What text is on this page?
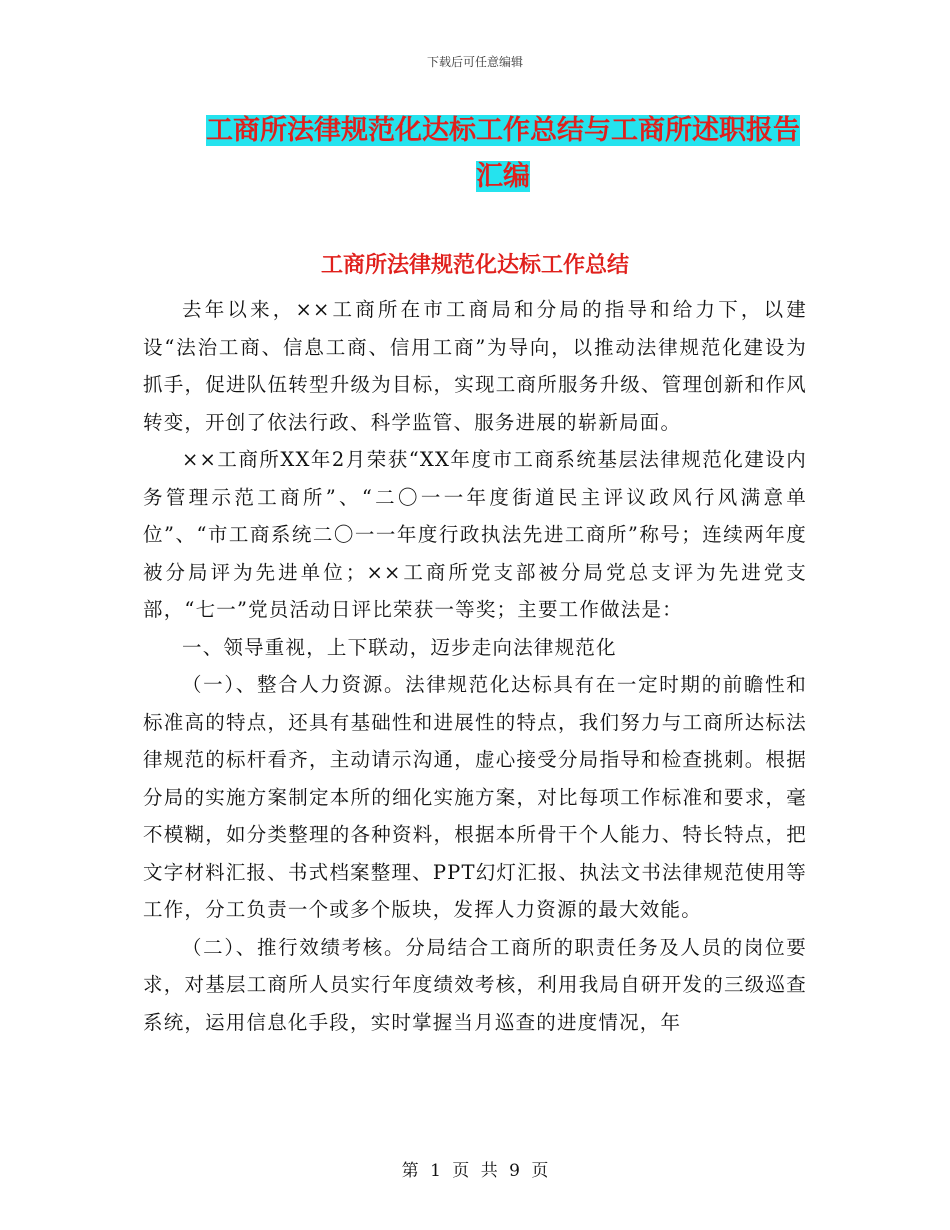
下载后可任意编辑
工商所法律规范化达标工作总结与工商所述职报告汇编
工商所法律规范化达标工作总结

去年以来，××工商所在市工商局和分局的指导和给力下，以建设“法治工商、信息工商、信用工商”为导向，以推动法律规范化建设为抓手，促进队伍转型升级为目标，实现工商所服务升级、管理创新和作风转变，开创了依法行政、科学监管、服务进展的崭新局面。

××工商所XX年2月荣获“XX年度市工商系统基层法律规范化建设内务管理示范工商所”、“二〇一一年度街道民主评议政风行风满意单位”、“市工商系统二〇一一年度行政执法先进工商所”称号；连续两年度被分局评为先进单位；××工商所党支部被分局党总支评为先进党支部，“七一”党员活动日评比荣获一等奖；主要工作做法是：

一、领导重视，上下联动，迈步走向法律规范化

（一）、整合人力资源。法律规范化达标具有在一定时期的前瞻性和标准高的特点，还具有基础性和进展性的特点，我们努力与工商所达标法律规范的标杆看齐，主动请示沟通，虚心接受分局指导和检查挑刺。根据分局的实施方案制定本所的细化实施方案，对比每项工作标准和要求，毫不模糊，如分类整理的各种资料，根据本所骨干个人能力、特长特点，把文字材料汇报、书式档案整理、PPT幻灯汇报、执法文书法律规范使用等工作，分工负责一个或多个版块，发挥人力资源的最大效能。

（二）、推行效绩考核。分局结合工商所的职责任务及人员的岗位要求，对基层工商所人员实行年度绩效考核，利用我局自研开发的三级巡查系统，运用信息化手段，实时掌握当月巡查的进度情况，年

第 1 页 共 9 页
